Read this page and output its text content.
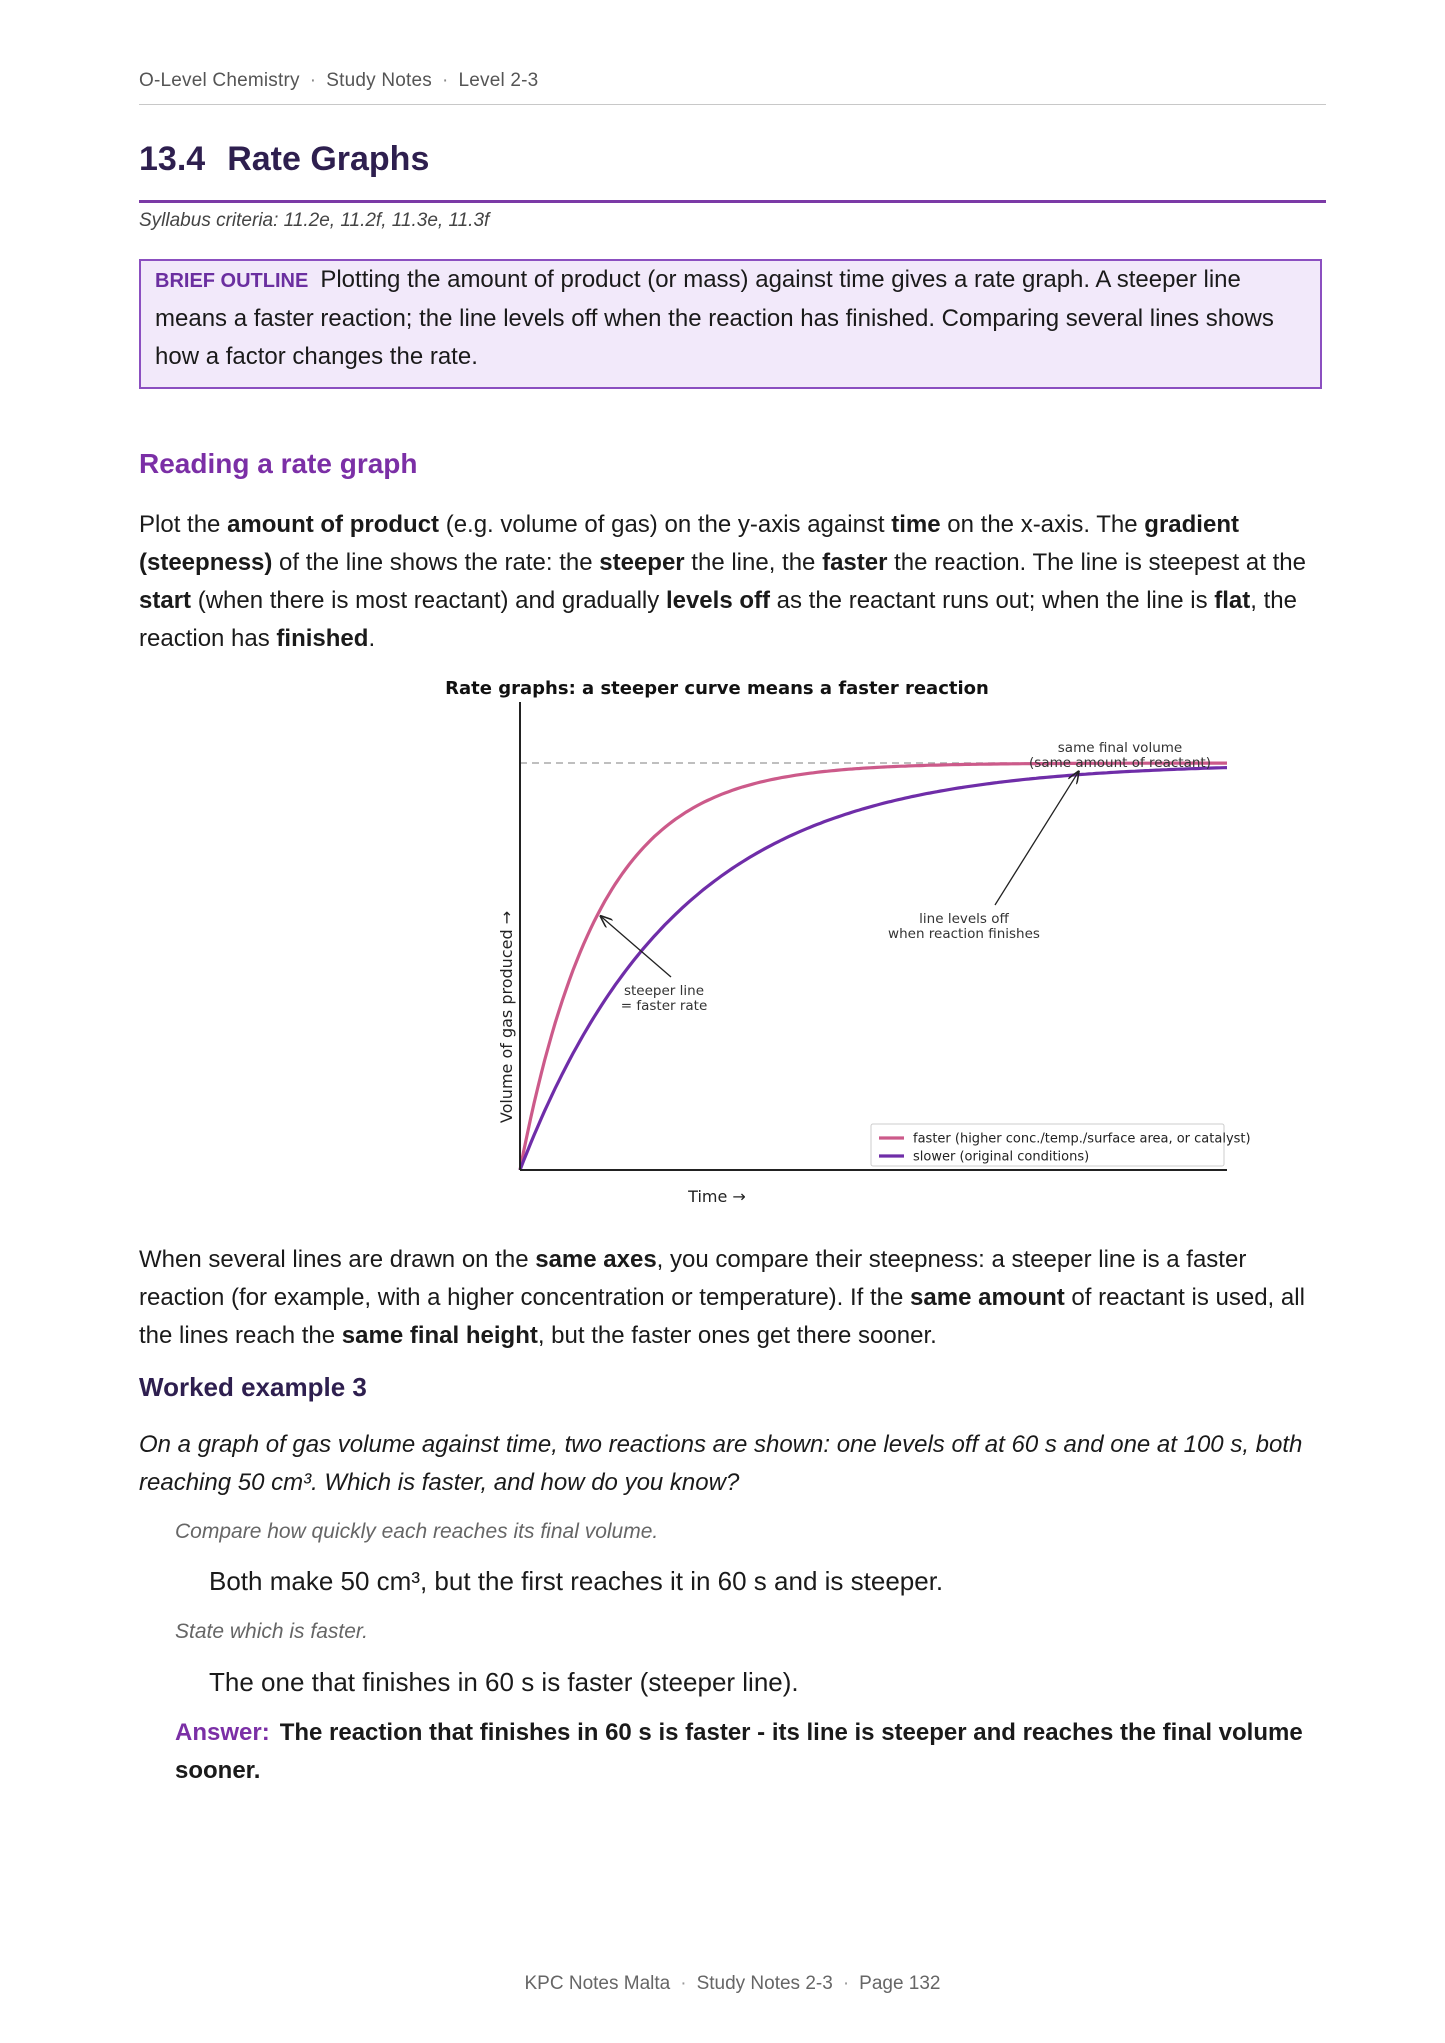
O-Level Chemistry · Study Notes · Level 2-3
13.4 Rate Graphs
Syllabus criteria: 11.2e, 11.2f, 11.3e, 11.3f
BRIEF OUTLINE Plotting the amount of product (or mass) against time gives a rate graph. A steeper line means a faster reaction; the line levels off when the reaction has finished. Comparing several lines shows how a factor changes the rate.
Reading a rate graph

Plot the amount of product (e.g. volume of gas) on the y-axis against time on the x-axis. The gradient (steepness) of the line shows the rate: the steeper the line, the faster the reaction. The line is steepest at the start (when there is most reactant) and gradually levels off as the reactant runs out; when the line is flat, the reaction has finished.

Rate graphs: a steeper curve means a faster reaction
same final volume (same amount of reactant)
line levels off when reaction finishes
steeper line = faster rate
faster (higher conc./temp./surface area, or catalyst)
slower (original conditions)
Time →
Volume of gas produced →

When several lines are drawn on the same axes, you compare their steepness: a steeper line is a faster reaction (for example, with a higher concentration or temperature). If the same amount of reactant is used, all the lines reach the same final height, but the faster ones get there sooner.

Worked example 3

On a graph of gas volume against time, two reactions are shown: one levels off at 60 s and one at 100 s, both reaching 50 cm³. Which is faster, and how do you know?

Compare how quickly each reaches its final volume.
Both make 50 cm³, but the first reaches it in 60 s and is steeper.
State which is faster.
The one that finishes in 60 s is faster (steeper line).

Answer: The reaction that finishes in 60 s is faster - its line is steeper and reaches the final volume sooner.

KPC Notes Malta · Study Notes 2-3 · Page 132
